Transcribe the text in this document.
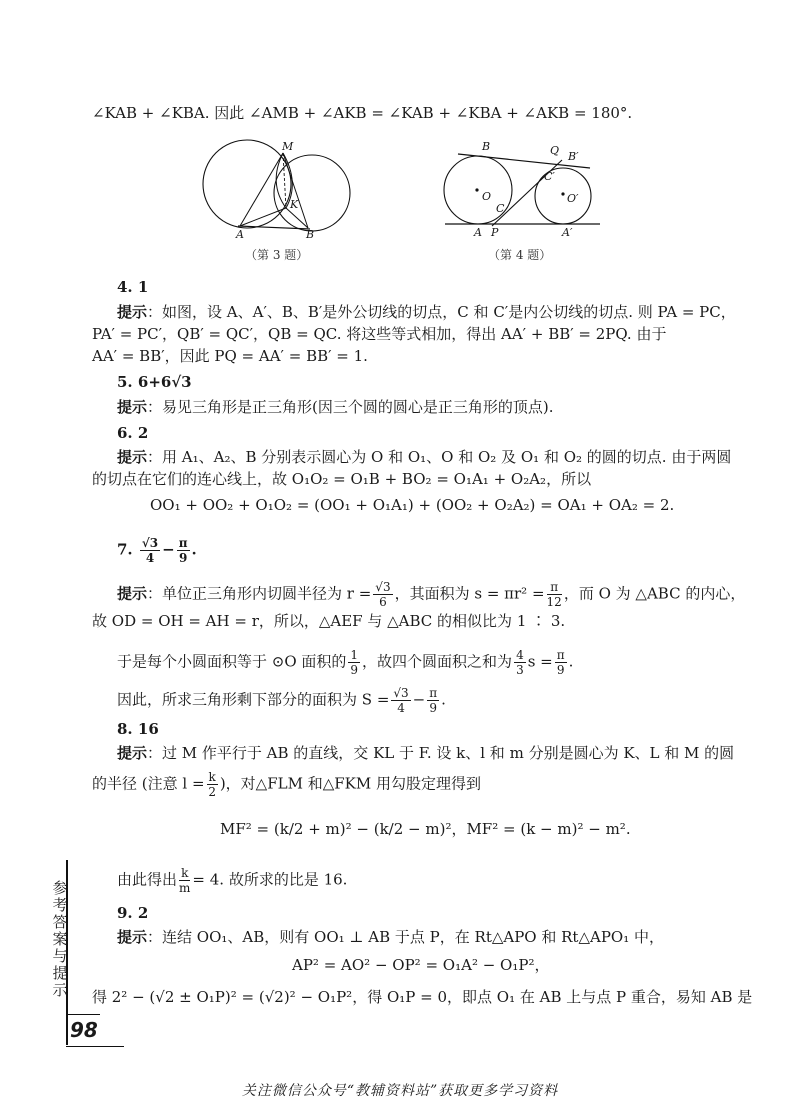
∠KAB + ∠KBA. 因此 ∠AMB + ∠AKB = ∠KAB + ∠KBA + ∠AKB = 180°.
M
K
A	B
（第 3 题）
B	Q B′
C′
O	O′
C
A P	A′
（第 4 题）
4. 1
提示：如图，设 A、A′、B、B′是外公切线的切点，C 和 C′是内公切线的切点. 则 PA = PC，
PA′ = PC′，QB′ = QC′，QB = QC. 将这些等式相加，得出 AA′ + BB′ = 2PQ. 由于
AA′ = BB′，因此 PQ = AA′ = BB′ = 1.
5. 6+6√3
提示：易见三角形是正三角形(因三个圆的圆心是正三角形的顶点).
6. 2
提示：用 A₁、A₂、B 分别表示圆心为 O 和 O₁、O 和 O₂ 及 O₁ 和 O₂ 的圆的切点. 由于两圆
的切点在它们的连心线上，故 O₁O₂ = O₁B + BO₂ = O₁A₁ + O₂A₂，所以
OO₁ + OO₂ + O₁O₂ = (OO₁ + O₁A₁) + (OO₂ + O₂A₂) = OA₁ + OA₂ = 2.
7. $\frac{√3}{4} - \frac{\pi}{9}$ .
提示：单位正三角形内切圆半径为 $r = \frac{√3}{6}$ ，其面积为 $s = \pi r^2 = \frac{\pi}{12}$ ，而 O 为 △ABC 的内心，
故 OD = OH = AH = r，所以，△AEF 与 △ABC 的相似比为 1 ∶ 3.
于是每个小圆面积等于 ⊙O 面积的 $\frac{1}{9}$ ，故四个圆面积之和为 $\frac{4}{3}$ $s = \frac{\pi}{9}$ .
因此，所求三角形剩下部分的面积为 $S = \frac{√3}{4} - \frac{\pi}{9}$ .
8. 16
提示：过 M 作平行于 AB 的直线，交 KL 于 F. 设 k、l 和 m 分别是圆心为 K、L 和 M 的圆
的半径 (注意 $l = \frac{k}{2}$ )，对△FLM 和△FKM 用勾股定理得到
MF² = (k/2 + m)² − (k/2 − m)²，MF² = (k − m)² − m².
由此得出 $\frac{k}{m} = 4$. 故所求的比是 16.
9. 2
提示：连结 OO₁、AB，则有 OO₁ ⊥ AB 于点 P，在 Rt△APO 和 Rt△APO₁ 中，
AP² = AO² − OP² = O₁A² − O₁P²，
得 2² − (√2 ± O₁P)² = (√2)² − O₁P²，得 O₁P = 0，即点 O₁ 在 AB 上与点 P 重合，易知 AB 是
参考答案与提示
98
关注微信公众号“教辅资料站”获取更多学习资料
